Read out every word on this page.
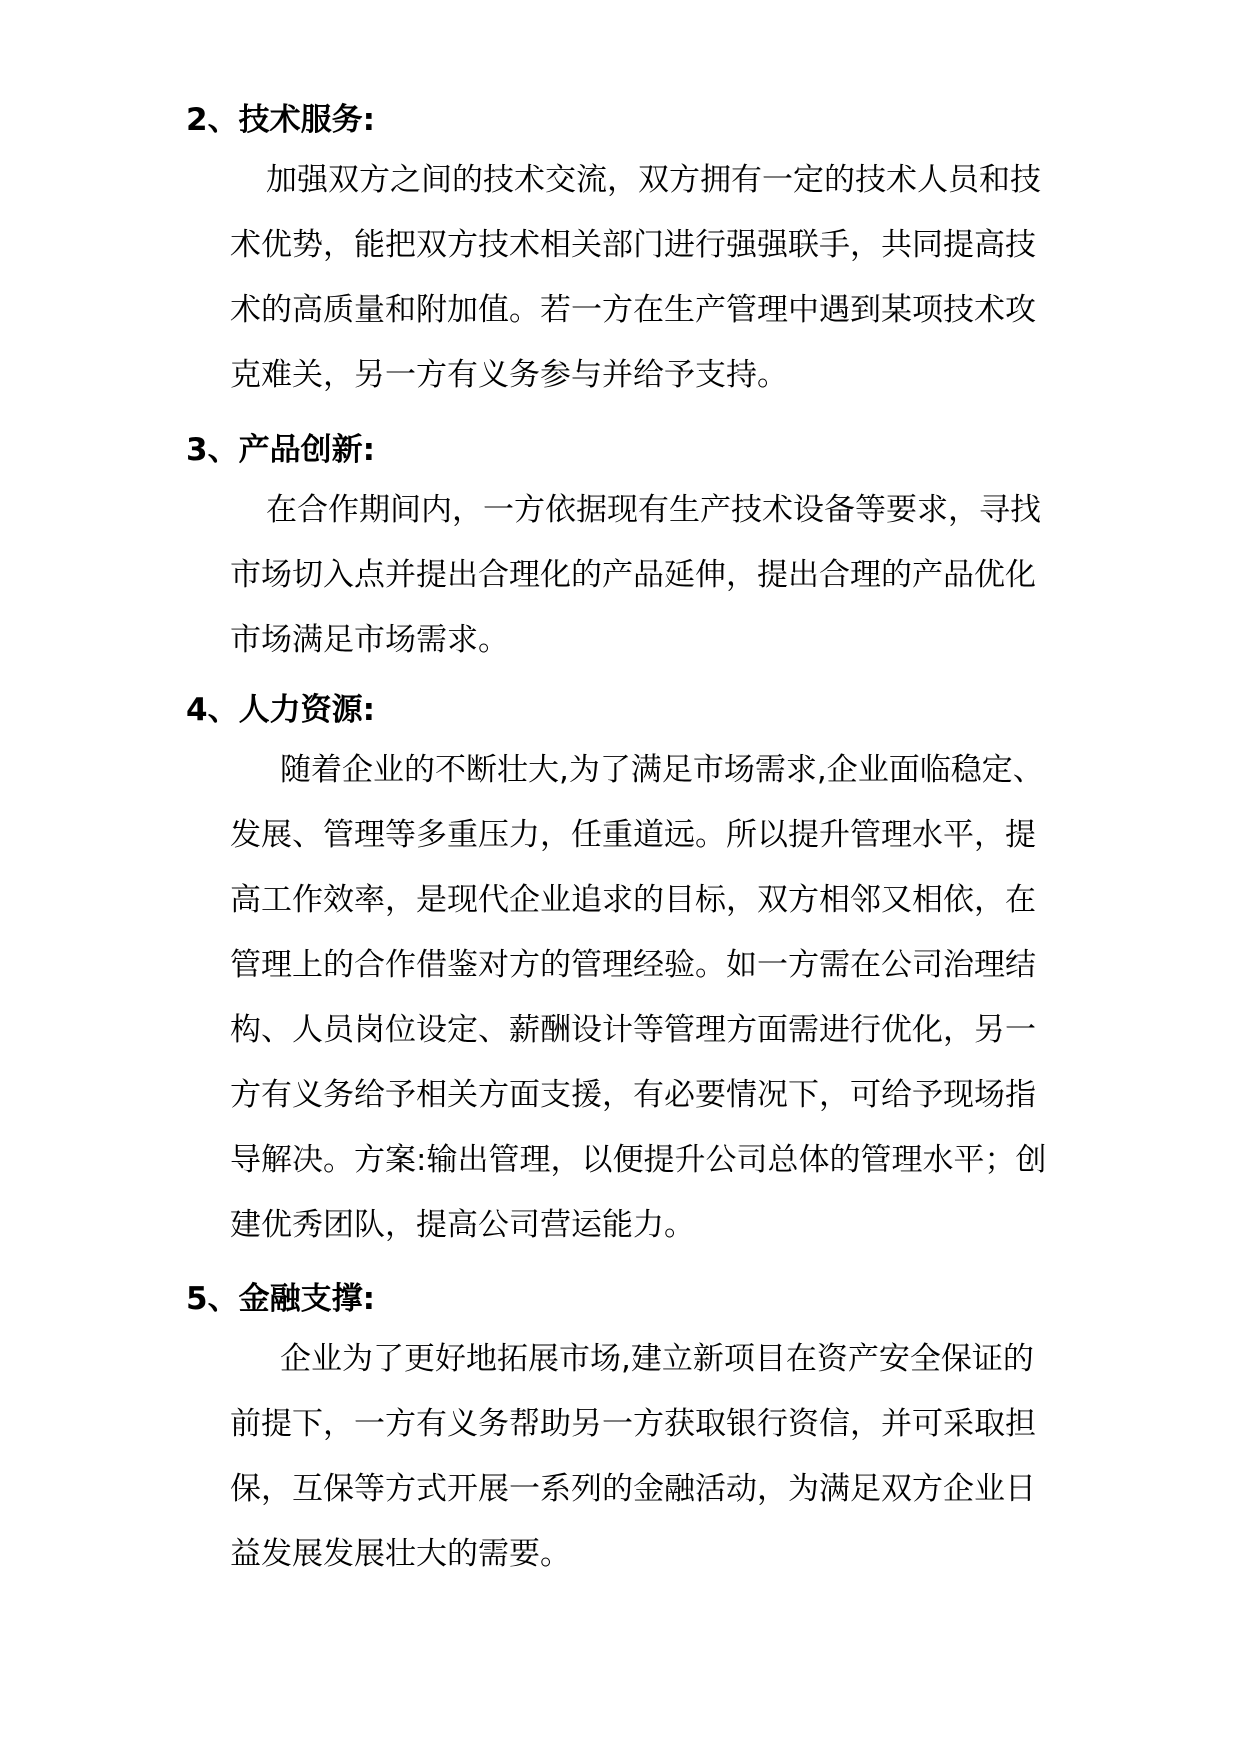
2、技术服务:
加强双方之间的技术交流，双方拥有一定的技术人员和技
术优势，能把双方技术相关部门进行强强联手，共同提高技
术的高质量和附加值。若一方在生产管理中遇到某项技术攻
克难关，另一方有义务参与并给予支持。
3、产品创新:
在合作期间内，一方依据现有生产技术设备等要求，寻找
市场切入点并提出合理化的产品延伸，提出合理的产品优化
市场满足市场需求。
4、人力资源:
随着企业的不断壮大,为了满足市场需求,企业面临稳定、
发展、管理等多重压力，任重道远。所以提升管理水平，提
高工作效率，是现代企业追求的目标，双方相邻又相依，在
管理上的合作借鉴对方的管理经验。如一方需在公司治理结
构、人员岗位设定、薪酬设计等管理方面需进行优化，另一
方有义务给予相关方面支援，有必要情况下，可给予现场指
导解决。方案:输出管理，以便提升公司总体的管理水平；创
建优秀团队，提高公司营运能力。
5、金融支撑:
企业为了更好地拓展市场,建立新项目在资产安全保证的
前提下，一方有义务帮助另一方获取银行资信，并可采取担
保，互保等方式开展一系列的金融活动，为满足双方企业日
益发展发展壮大的需要。
